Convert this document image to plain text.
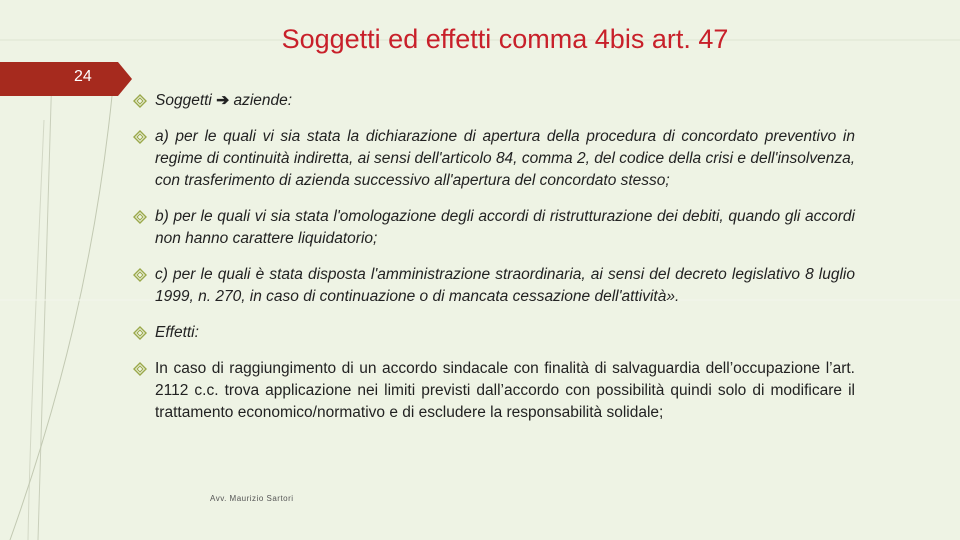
Soggetti ed effetti comma 4bis art. 47
24
Soggetti ➔ aziende:
a) per le quali vi sia stata la dichiarazione di apertura della procedura di concordato preventivo in regime di continuità indiretta, ai sensi dell'articolo 84, comma 2, del codice della crisi e dell'insolvenza, con trasferimento di azienda successivo all'apertura del concordato stesso;
b) per le quali vi sia stata l'omologazione degli accordi di ristrutturazione dei debiti, quando gli accordi non hanno carattere liquidatorio;
c) per le quali è stata disposta l'amministrazione straordinaria, ai sensi del decreto legislativo 8 luglio 1999, n. 270, in caso di continuazione o di mancata cessazione dell'attività».
Effetti:
In caso di raggiungimento di un accordo sindacale con finalità di salvaguardia dell’occupazione l’art. 2112 c.c. trova applicazione nei limiti previsti dall’accordo con possibilità quindi solo di modificare il trattamento economico/normativo e di escludere la responsabilità solidale;
Avv. Maurizio Sartori
